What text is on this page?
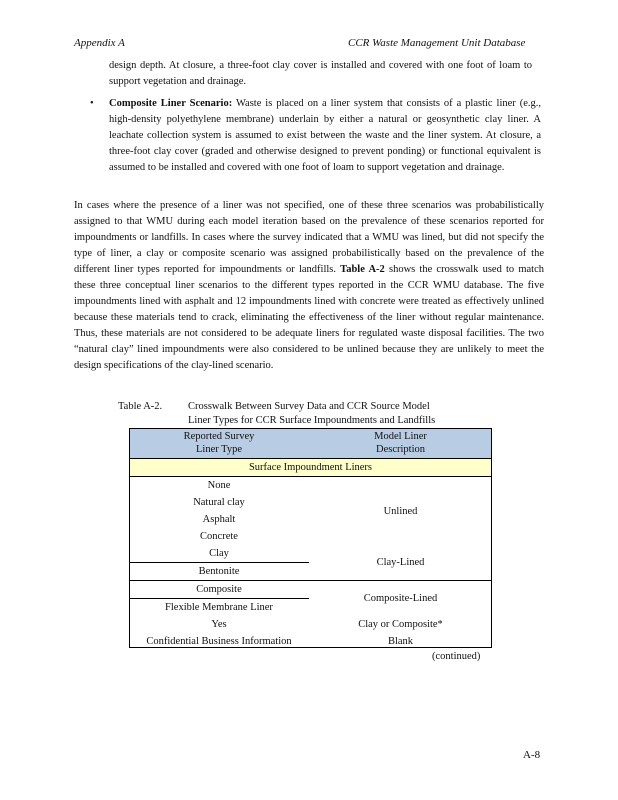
Appendix A	CCR Waste Management Unit Database

design depth. At closure, a three-foot clay cover is installed and covered with one foot of loam to support vegetation and drainage.

• Composite Liner Scenario: Waste is placed on a liner system that consists of a plastic liner (e.g., high-density polyethylene membrane) underlain by either a natural or geosynthetic clay liner. A leachate collection system is assumed to exist between the waste and the liner system. At closure, a three-foot clay cover (graded and otherwise designed to prevent ponding) or functional equivalent is assumed to be installed and covered with one foot of loam to support vegetation and drainage.

In cases where the presence of a liner was not specified, one of these three scenarios was probabilistically assigned to that WMU during each model iteration based on the prevalence of these scenarios reported for impoundments or landfills. In cases where the survey indicated that a WMU was lined, but did not specify the type of liner, a clay or composite scenario was assigned probabilistically based on the prevalence of the different liner types reported for impoundments or landfills. Table A-2 shows the crosswalk used to match these three conceptual liner scenarios to the different types reported in the CCR WMU database. The five impoundments lined with asphalt and 12 impoundments lined with concrete were treated as effectively unlined because these materials tend to crack, eliminating the effectiveness of the liner without regular maintenance. Thus, these materials are not considered to be adequate liners for regulated waste disposal facilities. The two “natural clay” lined impoundments were also considered to be unlined because they are unlikely to meet the design specifications of the clay-lined scenario.

Table A-2. Crosswalk Between Survey Data and CCR Source Model
Liner Types for CCR Surface Impoundments and Landfills
Reported Survey
Liner Type	Model Liner
Description
Surface Impoundment Liners	
None	Unlined
Natural clay	
Asphalt	
Concrete	
Clay	Clay-Lined
Bentonite	
Composite	Composite-Lined
Flexible Membrane Liner	
Yes	Clay or Composite*
Confidential Business Information	Blank
(continued)
A-8
